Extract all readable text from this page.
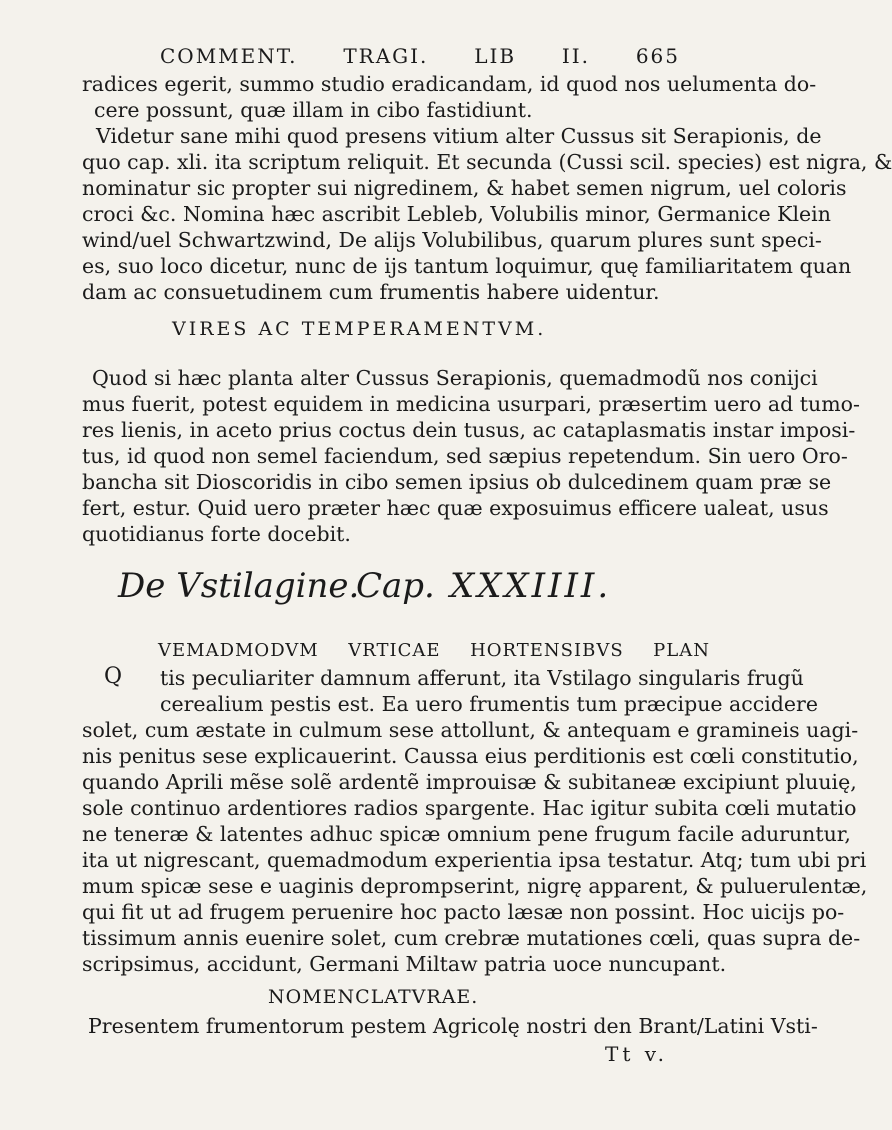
COMMENT. TRAGI. LIB II. 665
radices egerit, summo studio eradicandam, id quod nos uelumenta do-
cere possunt, quæ illam in cibo fastidiunt.
Videtur sane mihi quod presens vitium alter Cussus sit Serapionis, de
quo cap. xli. ita scriptum reliquit. Et secunda (Cussi scil. species) est nigra, &
nominatur sic propter sui nigredinem, & habet semen nigrum, uel coloris
croci &c. Nomina hæc ascribit Lebleb, Volubilis minor, Germanice Klein
wind/uel Schwartzwind, De alijs Volubilibus, quarum plures sunt speci-
es, suo loco dicetur, nunc de ijs tantum loquimur, quę familiaritatem quan
dam ac consuetudinem cum frumentis habere uidentur.
VIRES AC TEMPERAMENTVM.
Quod si hæc planta alter Cussus Serapionis, quemadmodũ nos conijci
mus fuerit, potest equidem in medicina usurpari, præsertim uero ad tumo-
res lienis, in aceto prius coctus dein tusus, ac cataplasmatis instar imposi-
tus, id quod non semel faciendum, sed sæpius repetendum. Sin uero Oro-
bancha sit Dioscoridis in cibo semen ipsius ob dulcedinem quam præ se
fert, estur. Quid uero præter hæc quæ exposuimus efficere ualeat, usus
quotidianus forte docebit.
De Vstilagine.
Cap. XXXIIII.
VEMADMODVM VRTICAE HORTENSIBVS PLAN
Q tis peculiariter damnum afferunt, ita Vstilago singularis frugũ
cerealium pestis est. Ea uero frumentis tum præcipue accidere
solet, cum æstate in culmum sese attollunt, & antequam e gramineis uagi-
nis penitus sese explicauerint. Caussa eius perditionis est cœli constitutio,
quando Aprili mẽse solẽ ardentẽ improuisæ & subitaneæ excipiunt pluuię,
sole continuo ardentiores radios spargente. Hac igitur subita cœli mutatio
ne teneræ & latentes adhuc spicæ omnium pene frugum facile aduruntur,
ita ut nigrescant, quemadmodum experientia ipsa testatur. Atq; tum ubi pri
mum spicæ sese e uaginis deprompserint, nigrę apparent, & puluerulentæ,
qui fit ut ad frugem peruenire hoc pacto læsæ non possint. Hoc uicijs po-
tissimum annis euenire solet, cum crebræ mutationes cœli, quas supra de-
scripsimus, accidunt, Germani Miltaw patria uoce nuncupant.
NOMENCLATVRAE.
Presentem frumentorum pestem Agricolę nostri den Brant/Latini Vsti-
Tt v.
